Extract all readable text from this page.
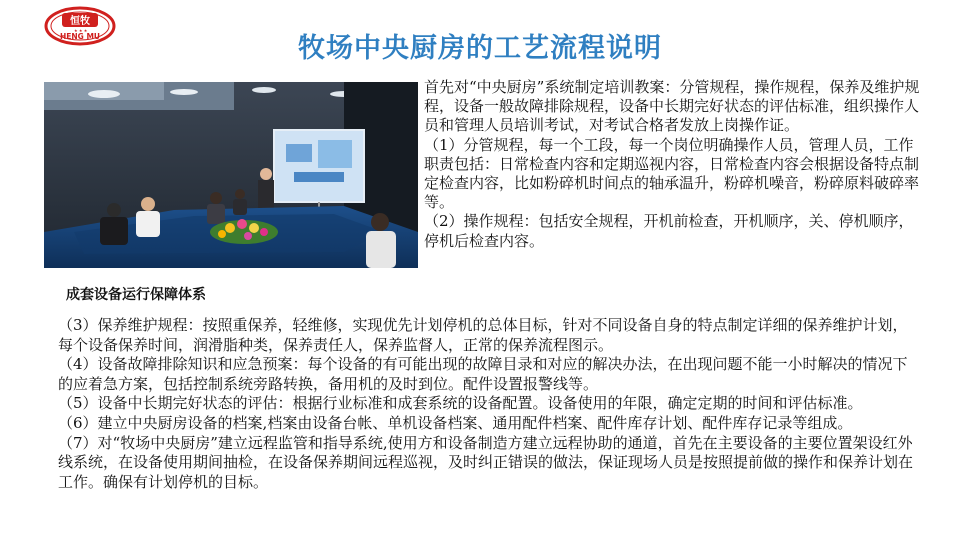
恒牧
★ ★ ★
HENG MU	牧场中央厨房的工艺流程说明

首先对“中央厨房”系统制定培训教案：分管规程，操作规程，保养及维护规程，设备一般故障排除规程，设备中长期完好状态的评估标准，组织操作人员和管理人员培训考试，对考试合格者发放上岗操作证。

（1）分管规程，每一个工段，每一个岗位明确操作人员，管理人员，工作职责包括：日常检查内容和定期巡视内容，日常检查内容会根据设备特点制定检查内容，比如粉碎机时间点的轴承温升，粉碎机噪音，粉碎原料破碎率等。

（2）操作规程：包括安全规程，开机前检查，开机顺序，关、停机顺序，停机后检查内容。

成套设备运行保障体系

（3）保养维护规程：按照重保养，轻维修，实现优先计划停机的总体目标，针对不同设备自身的特点制定详细的保养维护计划，每个设备保养时间，润滑脂种类，保养责任人，保养监督人，正常的保养流程图示。

（4）设备故障排除知识和应急预案：每个设备的有可能出现的故障目录和对应的解决办法，在出现问题不能一小时解决的情况下的应着急方案，包括控制系统旁路转换，备用机的及时到位。配件设置报警线等。

（5）设备中长期完好状态的评估：根据行业标准和成套系统的设备配置。设备使用的年限，确定定期的时间和评估标准。

（6）建立中央厨房设备的档案,档案由设备台帐、单机设备档案、通用配件档案、配件库存计划、配件库存记录等组成。

（7）对“牧场中央厨房”建立远程监管和指导系统,使用方和设备制造方建立远程协助的通道，首先在主要设备的主要位置架设红外线系统，在设备使用期间抽检，在设备保养期间远程巡视，及时纠正错误的做法，保证现场人员是按照提前做的操作和保养计划在工作。确保有计划停机的目标。
